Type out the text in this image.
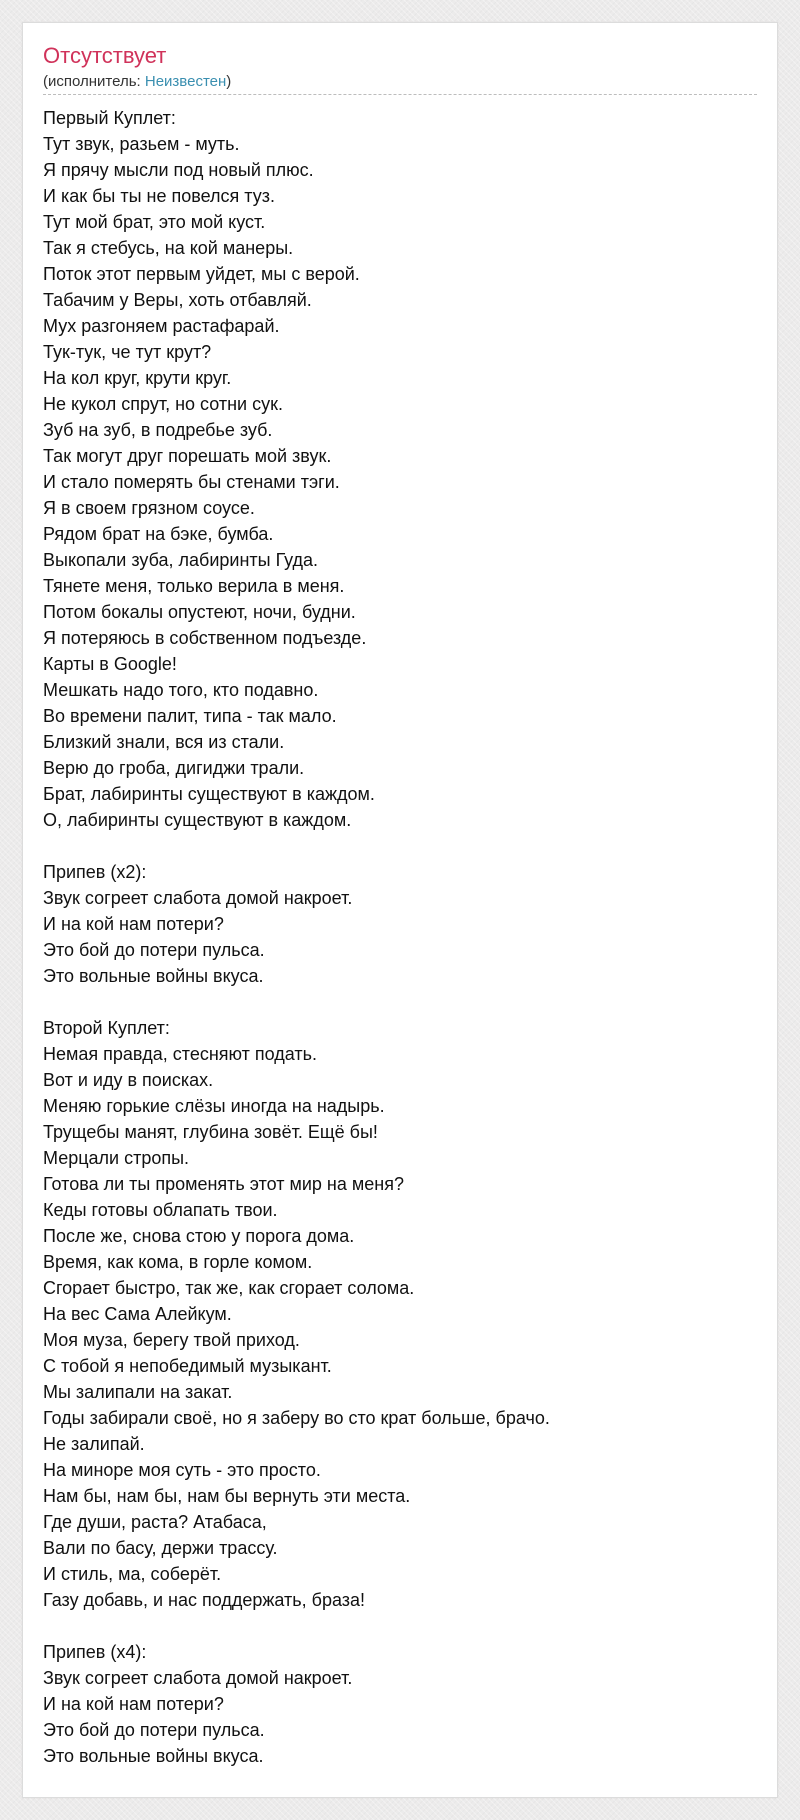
Отсутствует
(исполнитель: Неизвестен)
Первый Куплет:
Тут звук, разьем - муть.
Я прячу мысли под новый плюс.
И как бы ты не повелся туз.
Тут мой брат, это мой куст.
Так я стебусь, на кой манеры.
Поток этот первым уйдет, мы с верой.
Табачим у Веры, хоть отбавляй.
Мух разгоняем растафарай.
Тук-тук, че тут крут?
На кол круг, крути круг.
Не кукол спрут, но сотни сук.
Зуб на зуб, в подребье зуб.
Так могут друг порешать мой звук.
И стало померять бы стенами тэги.
Я в своем грязном соусе.
Рядом брат на бэке, бумба.
Выкопали зуба, лабиринты Гуда.
Тянете меня, только верила в меня.
Потом бокалы опустеют, ночи, будни.
Я потеряюсь в собственном подъезде.
Карты в Google!
Мешкать надо того, кто подавно.
Во времени палит, типа - так мало.
Близкий знали, вся из стали.
Верю до гроба, дигиджи трали.
Брат, лабиринты существуют в каждом.
О, лабиринты существуют в каждом.
Припев (x2):
Звук согреет слабота домой накроет.
И на кой нам потери?
Это бой до потери пульса.
Это вольные войны вкуса.
Второй Куплет:
Немая правда, стесняют подать.
Вот и иду в поисках.
Меняю горькие слёзы иногда на надырь.
Трущебы манят, глубина зовёт. Ещё бы!
Мерцали стропы.
Готова ли ты променять этот мир на меня?
Кеды готовы облапать твои.
После же, снова стою у порога дома.
Время, как кома, в горле комом.
Сгорает быстро, так же, как сгорает солома.
На вес Сама Алейкум.
Моя муза, берегу твой приход.
С тобой я непобедимый музыкант.
Мы залипали на закат.
Годы забирали своё, но я заберу во сто крат больше, брачо.
Не залипай.
На миноре моя суть - это просто.
Нам бы, нам бы, нам бы вернуть эти места.
Где души, раста? Атабаса,
Вали по басу, держи трассу.
И стиль, ма, соберёт.
Газу добавь, и нас поддержать, браза!
Припев (x4):
Звук согреет слабота домой накроет.
И на кой нам потери?
Это бой до потери пульса.
Это вольные войны вкуса.
